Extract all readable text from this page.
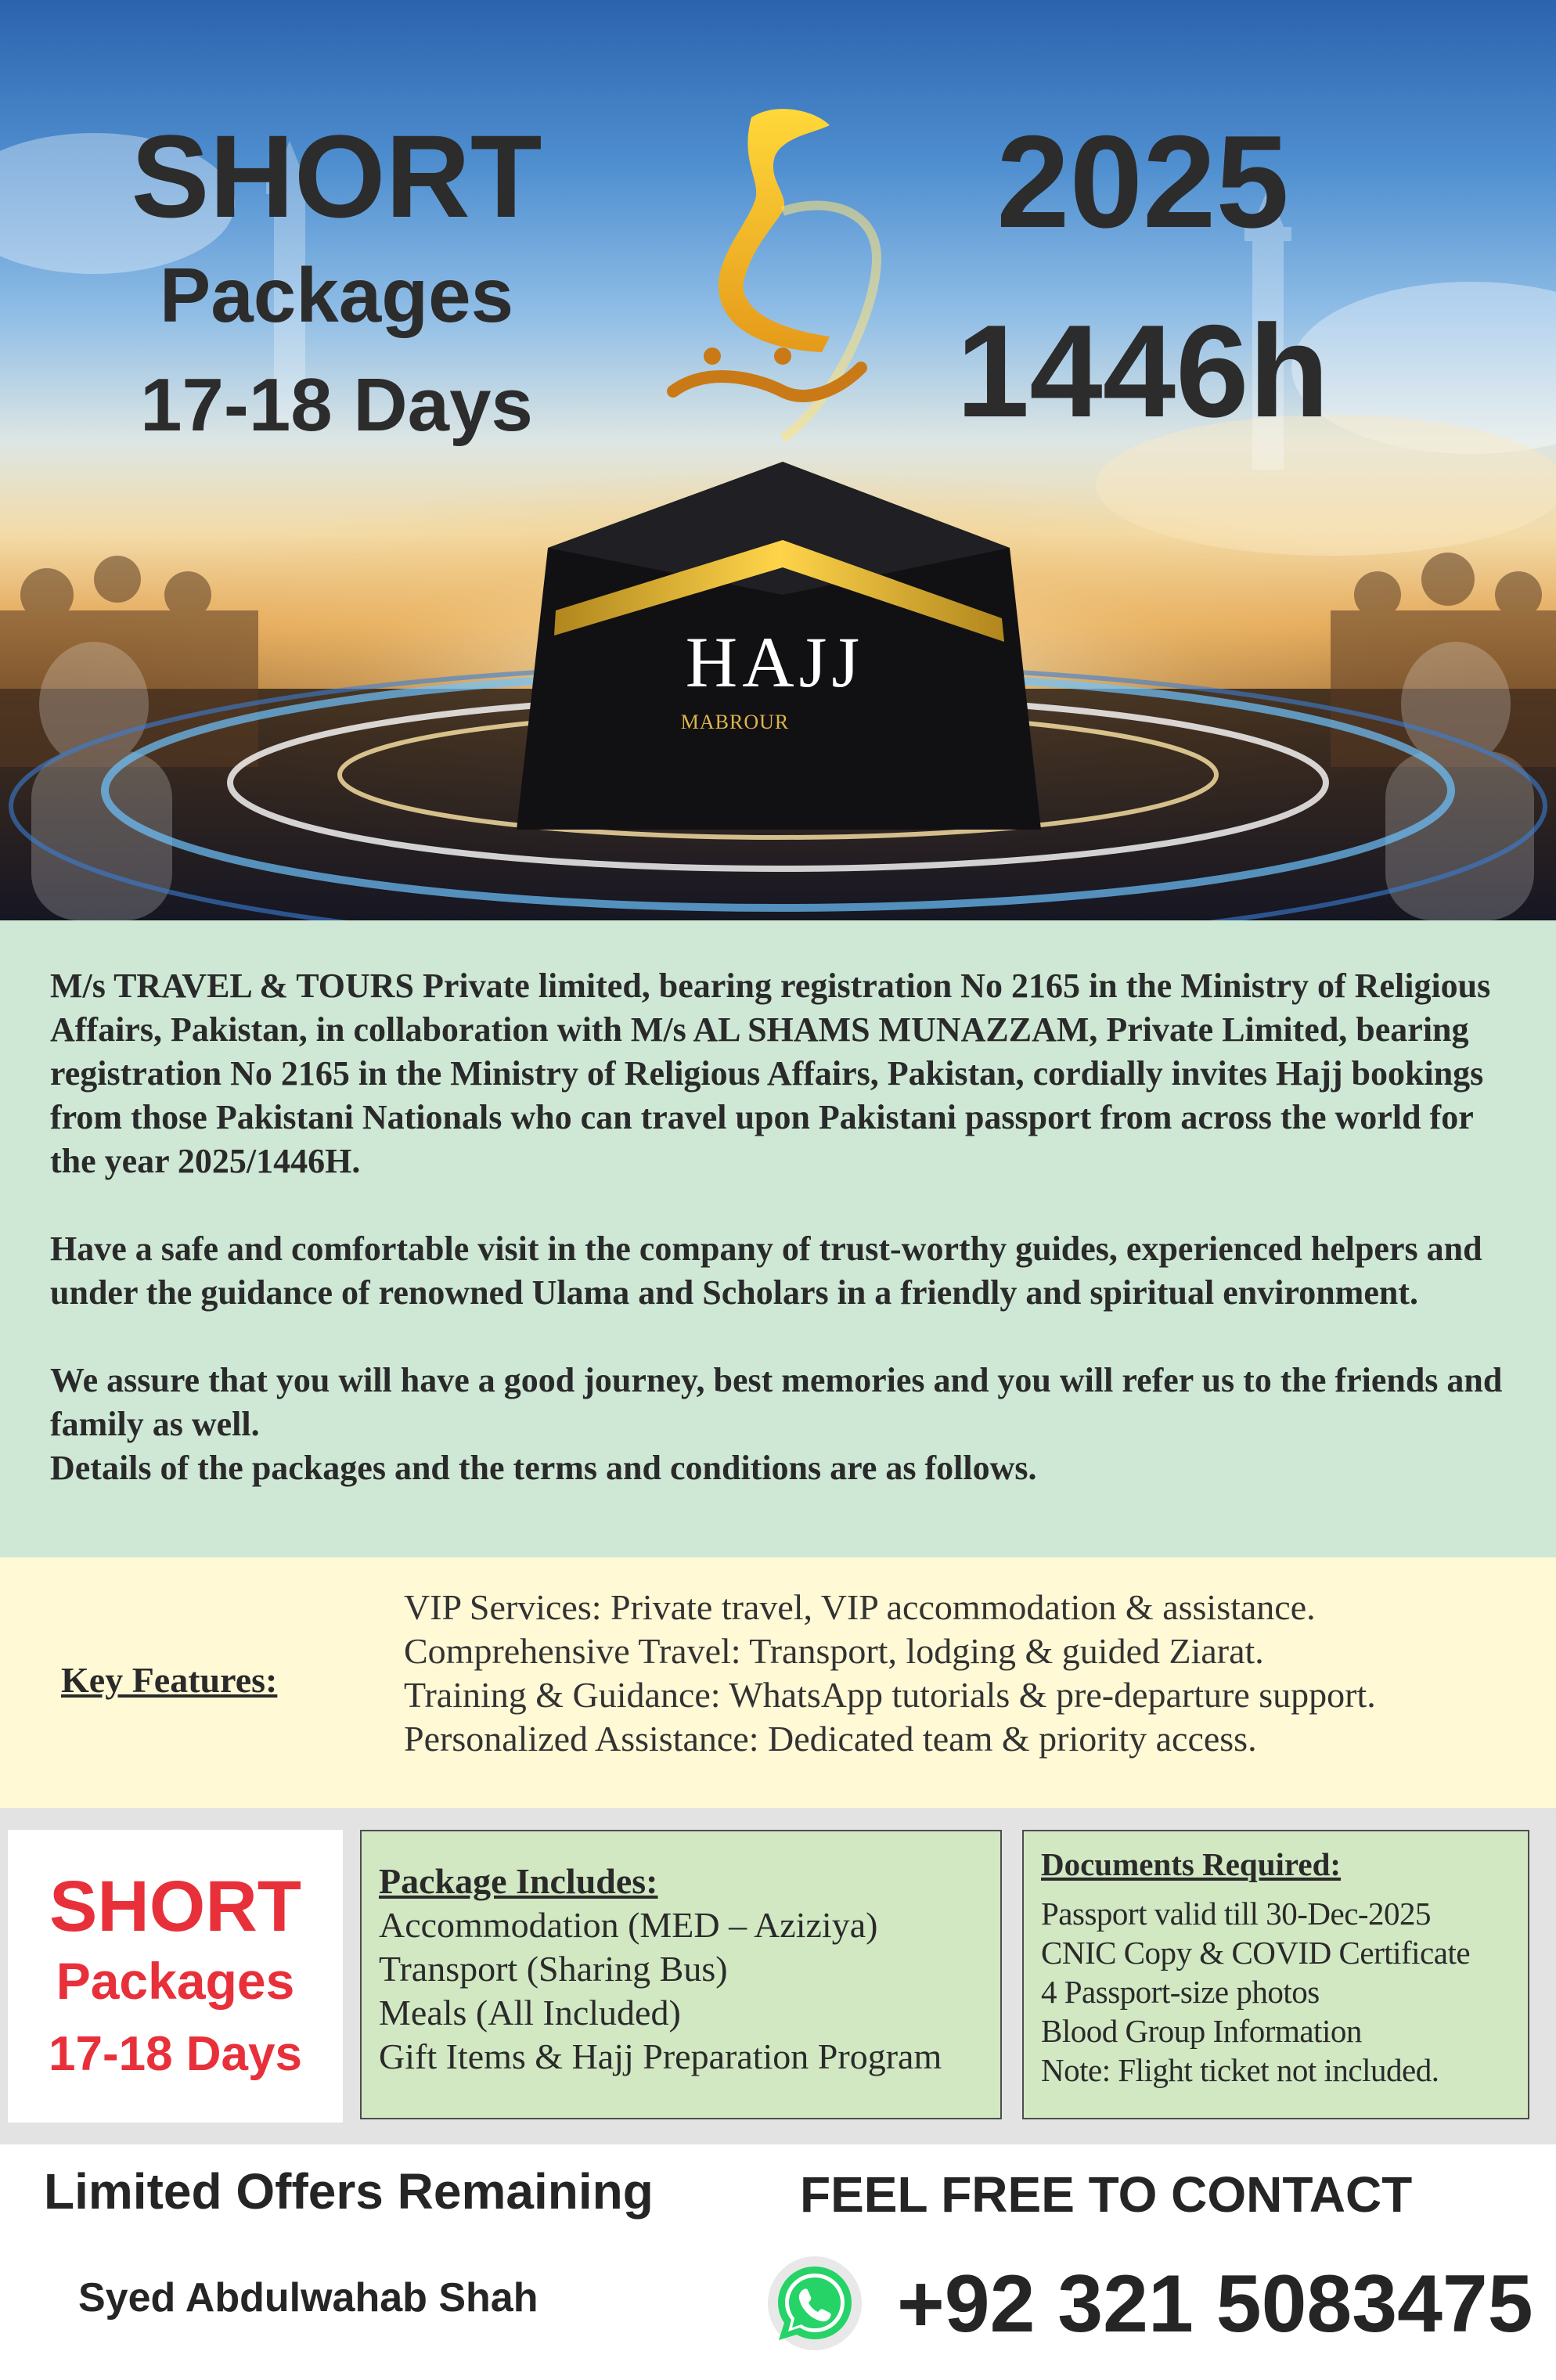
SHORT
Packages
17-18 Days
2025
1446h
HAJJ
MABROUR

M/s TRAVEL & TOURS Private limited, bearing registration No 2165 in the Ministry of Religious Affairs, Pakistan, in collaboration with M/s AL SHAMS MUNAZZAM, Private Limited, bearing registration No 2165 in the Ministry of Religious Affairs, Pakistan, cordially invites Hajj bookings from those Pakistani Nationals who can travel upon Pakistani passport from across the world for the year 2025/1446H.

Have a safe and comfortable visit in the company of trust-worthy guides, experienced helpers and under the guidance of renowned Ulama and Scholars in a friendly and spiritual environment.

We assure that you will have a good journey, best memories and you will refer us to the friends and family as well.

Details of the packages and the terms and conditions are as follows.

Key Features:
VIP Services: Private travel, VIP accommodation & assistance.
Comprehensive Travel: Transport, lodging & guided Ziarat.
Training & Guidance: WhatsApp tutorials & pre-departure support.
Personalized Assistance: Dedicated team & priority access.
SHORT
Packages
17-18 Days
Package Includes:
Accommodation (MED – Aziziya)
Transport (Sharing Bus)
Meals (All Included)
Gift Items & Hajj Preparation Program
Documents Required:
Passport valid till 30-Dec-2025
CNIC Copy & COVID Certificate
4 Passport-size photos
Blood Group Information
Note: Flight ticket not included.
Limited Offers Remaining	FEEL FREE TO CONTACT
Syed Abdulwahab Shah	+92 321 5083475
